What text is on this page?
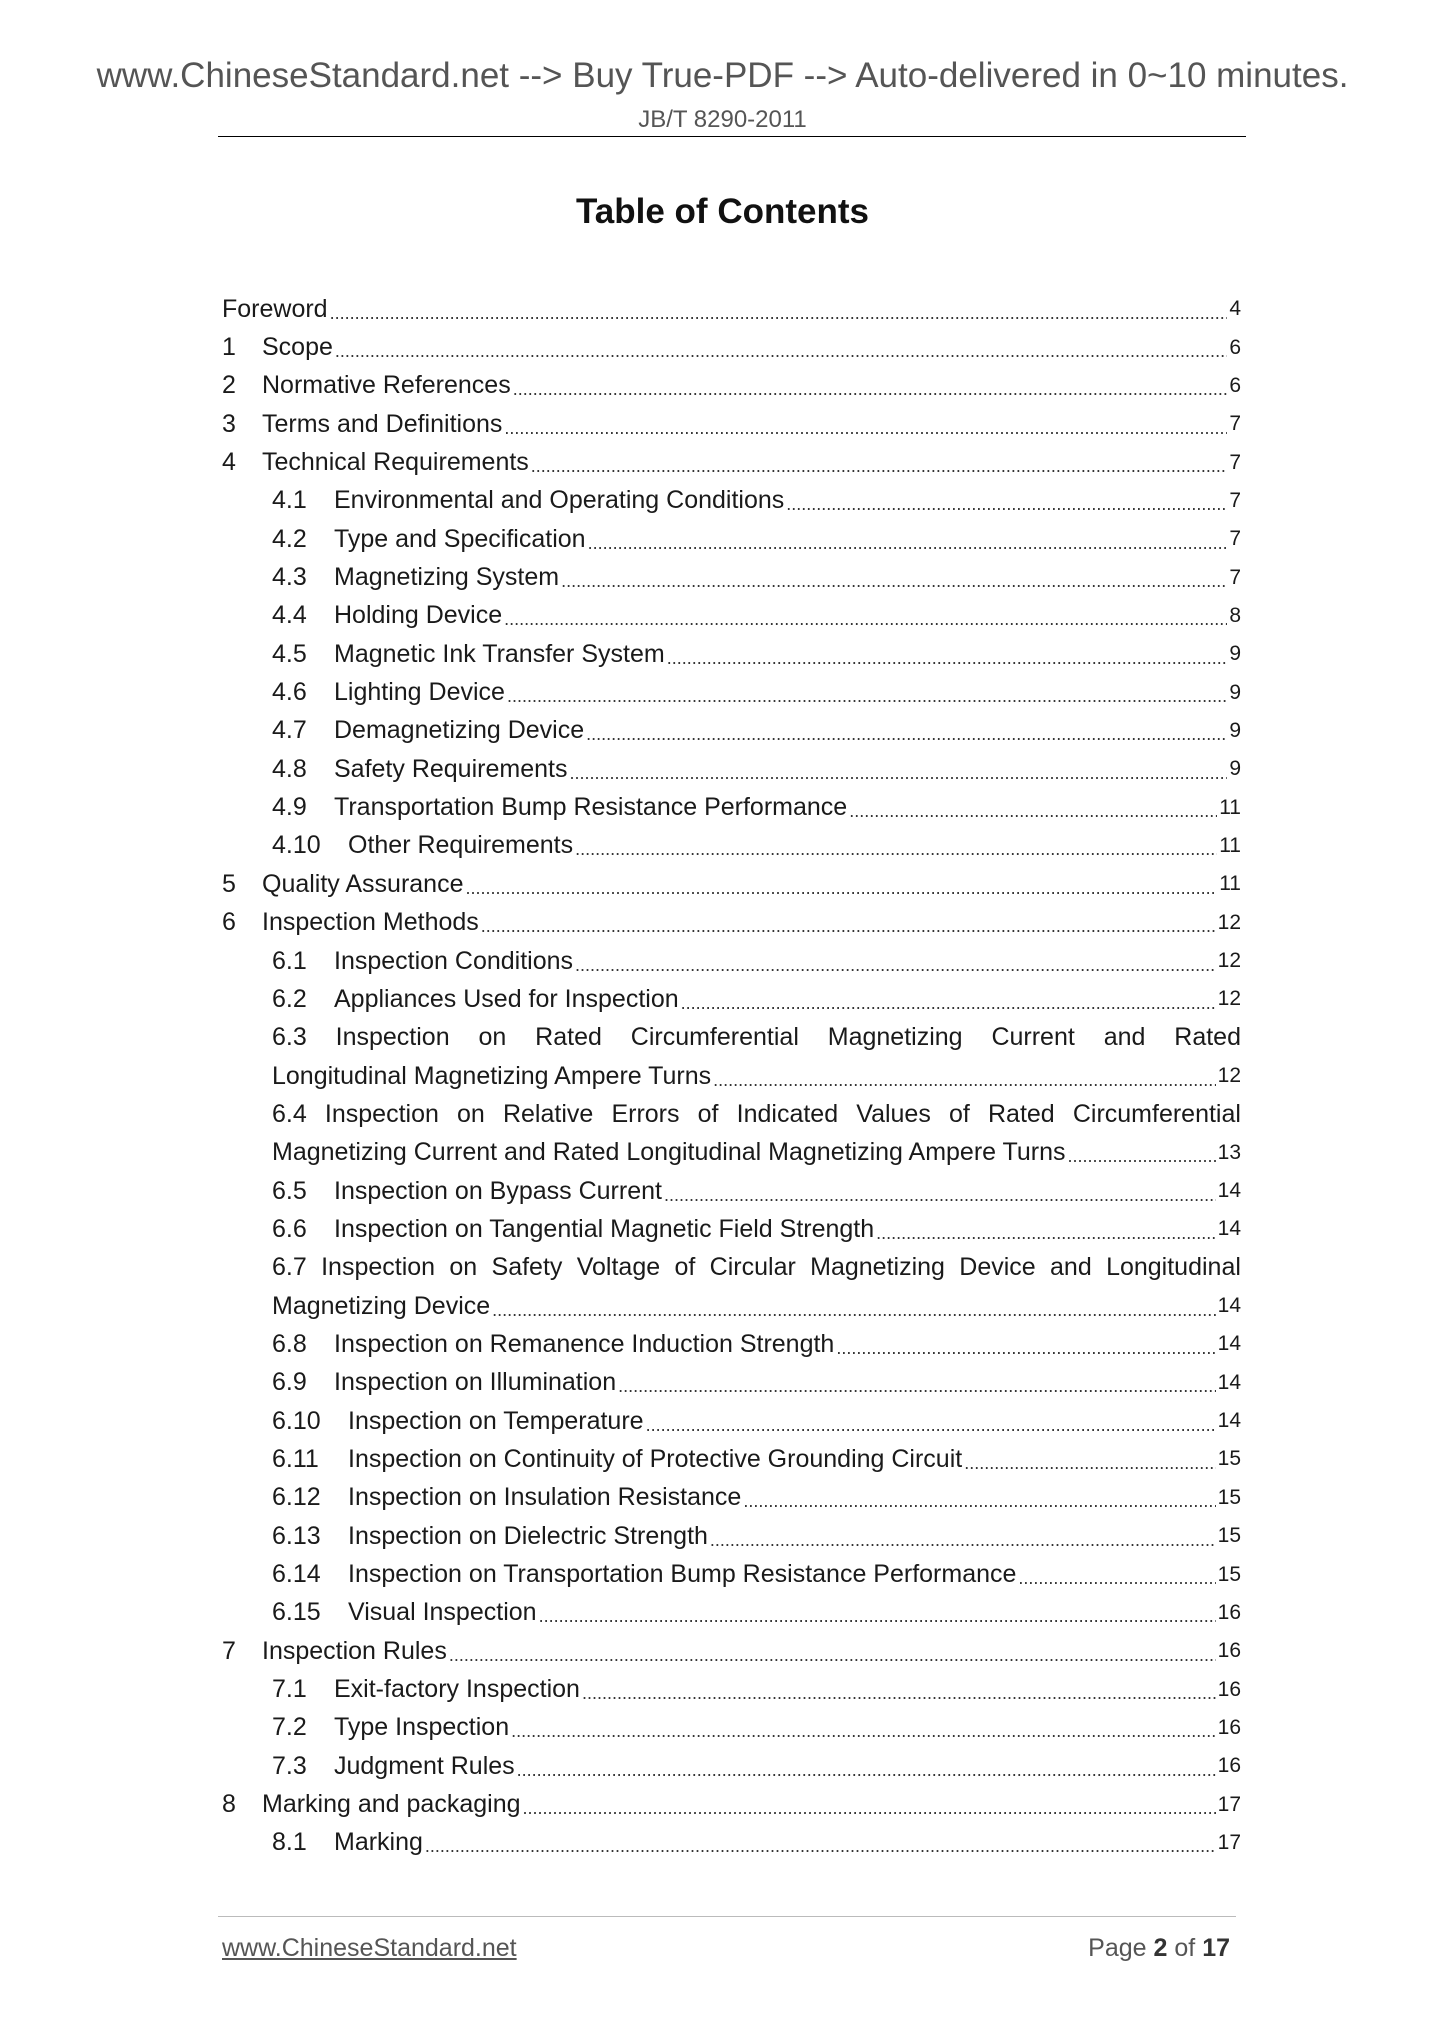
www.ChineseStandard.net --> Buy True-PDF --> Auto-delivered in 0~10 minutes.
JB/T 8290-2011
Table of Contents
Foreword .....	4
1	Scope .....	6
2	Normative References .....	6
3	Terms and Definitions .....	7
4	Technical Requirements .....	7
4.1	Environmental and Operating Conditions .....	7
4.2	Type and Specification .....	7
4.3	Magnetizing System .....	7
4.4	Holding Device .....	8
4.5	Magnetic Ink Transfer System .....	9
4.6	Lighting Device .....	9
4.7	Demagnetizing Device .....	9
4.8	Safety Requirements .....	9
4.9	Transportation Bump Resistance Performance .....	11
4.10	Other Requirements .....	11
5	Quality Assurance .....	11
6	Inspection Methods .....	12
6.1	Inspection Conditions .....	12
6.2	Appliances Used for Inspection .....	12
6.3 Inspection on Rated Circumferential Magnetizing Current and Rated
Longitudinal Magnetizing Ampere Turns .....	12
6.4 Inspection on Relative Errors of Indicated Values of Rated Circumferential
Magnetizing Current and Rated Longitudinal Magnetizing Ampere Turns .....	13
6.5	Inspection on Bypass Current .....	14
6.6	Inspection on Tangential Magnetic Field Strength .....	14
6.7 Inspection on Safety Voltage of Circular Magnetizing Device and Longitudinal
Magnetizing Device .....	14
6.8	Inspection on Remanence Induction Strength .....	14
6.9	Inspection on Illumination .....	14
6.10	Inspection on Temperature .....	14
6.11	Inspection on Continuity of Protective Grounding Circuit .....	15
6.12	Inspection on Insulation Resistance .....	15
6.13	Inspection on Dielectric Strength .....	15
6.14	Inspection on Transportation Bump Resistance Performance .....	15
6.15	Visual Inspection .....	16
7	Inspection Rules .....	16
7.1	Exit-factory Inspection .....	16
7.2	Type Inspection .....	16
7.3	Judgment Rules .....	16
8	Marking and packaging .....	17
8.1	Marking .....	17
www.ChineseStandard.net	Page 2 of 17
